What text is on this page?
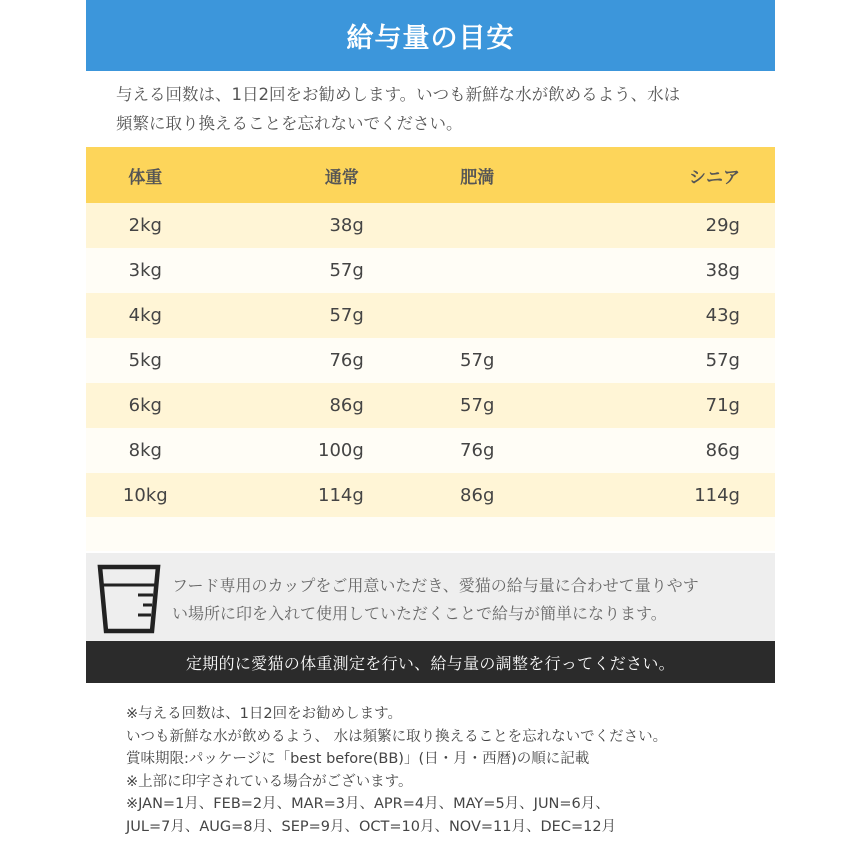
給与量の目安
与える回数は、1日2回をお勧めします。いつも新鮮な水が飲めるよう、水は
頻繁に取り換えることを忘れないでください。
体重	通常	肥満	シニア
2kg	38g		29g
3kg	57g		38g
4kg	57g		43g
5kg	76g	57g	57g
6kg	86g	57g	71g
8kg	100g	76g	86g
10kg	114g	86g	114g
フード専用のカップをご用意いただき、愛猫の給与量に合わせて量りやす
い場所に印を入れて使用していただくことで給与が簡単になります。
定期的に愛猫の体重測定を行い、給与量の調整を行ってください。
※与える回数は、1日2回をお勧めします。
いつも新鮮な水が飲めるよう、 水は頻繁に取り換えることを忘れないでください。
賞味期限:パッケージに「best before(BB)」(日・月・西暦)の順に記載
※上部に印字されている場合がございます。
※JAN=1月、FEB=2月、MAR=3月、APR=4月、MAY=5月、JUN=6月、
JUL=7月、AUG=8月、SEP=9月、OCT=10月、NOV=11月、DEC=12月
